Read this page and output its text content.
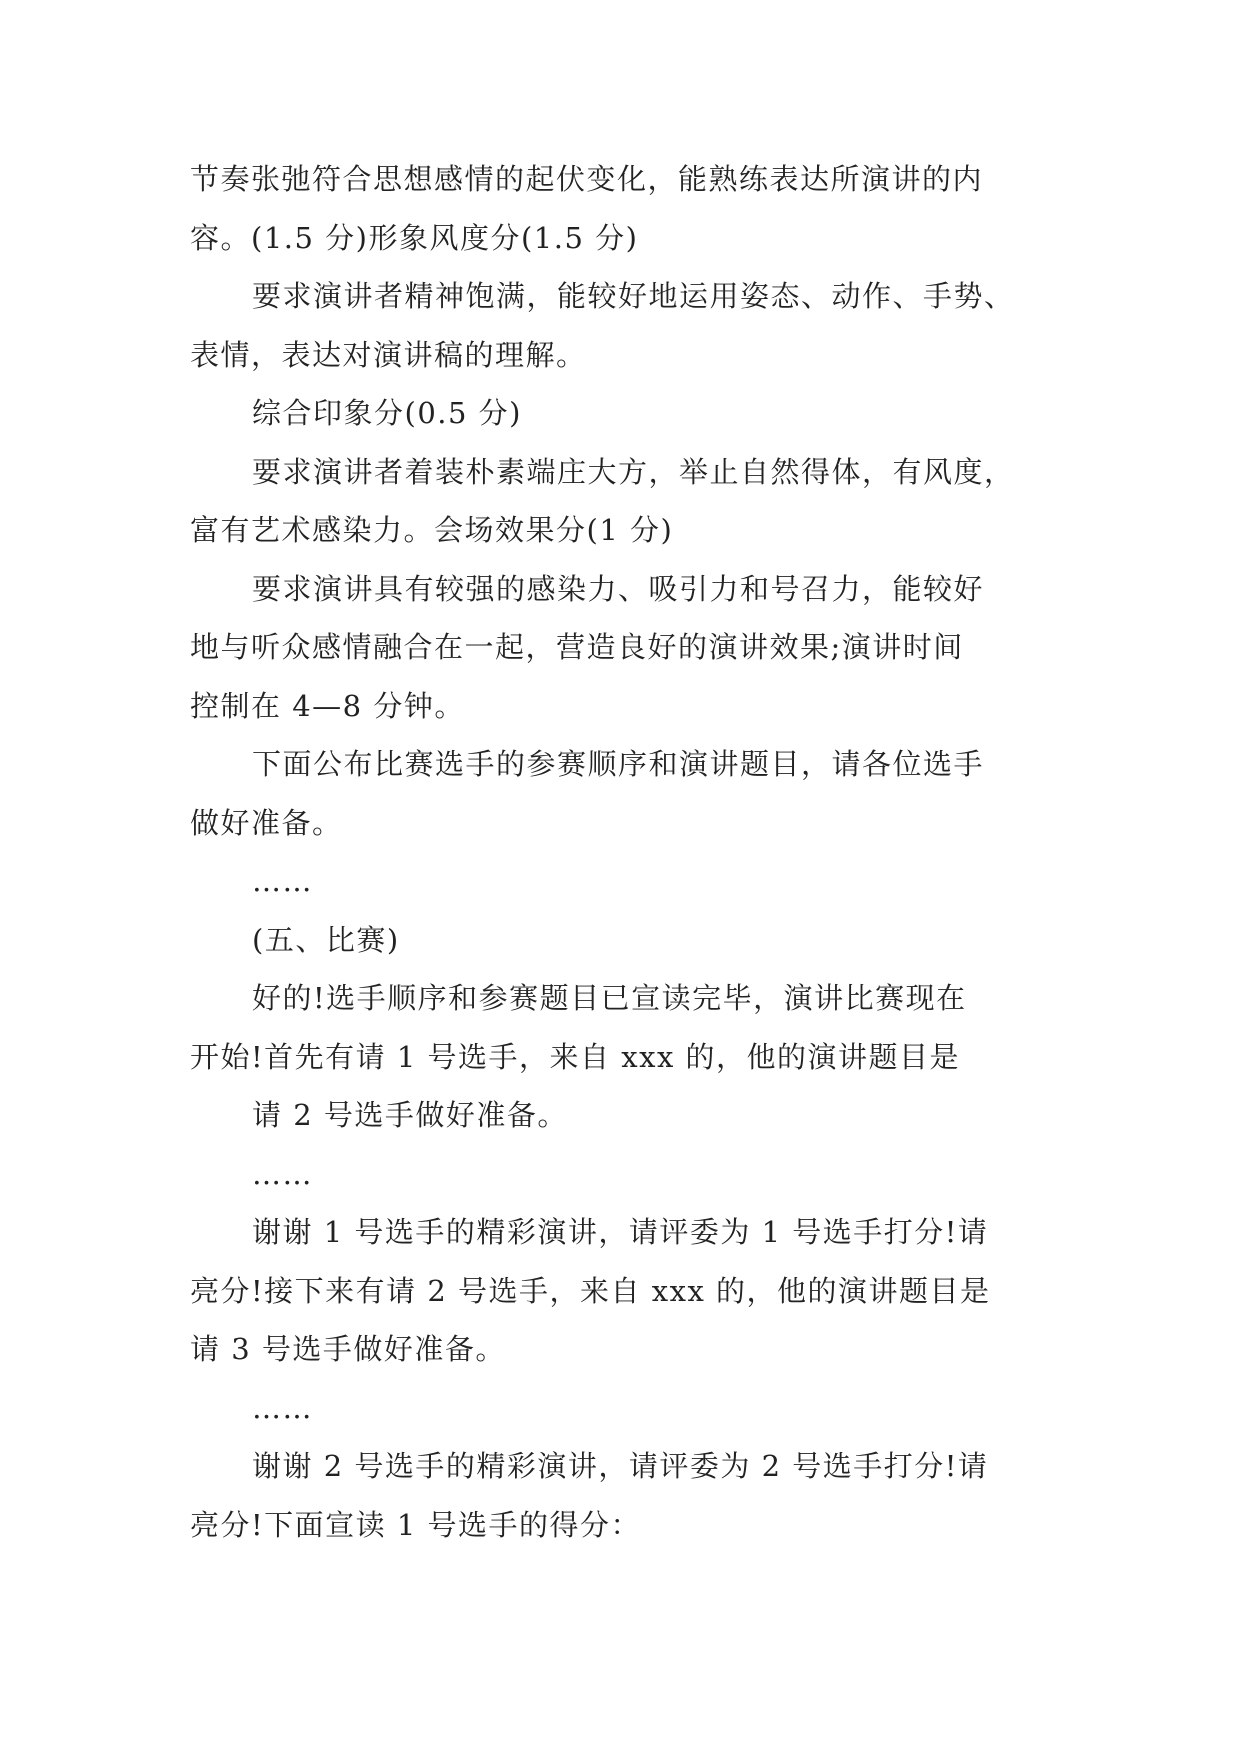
节奏张弛符合思想感情的起伏变化，能熟练表达所演讲的内
容。(1.5 分)形象风度分(1.5 分)

要求演讲者精神饱满，能较好地运用姿态、动作、手势、
表情，表达对演讲稿的理解。

综合印象分(0.5 分)

要求演讲者着装朴素端庄大方，举止自然得体，有风度，
富有艺术感染力。会场效果分(1 分)

要求演讲具有较强的感染力、吸引力和号召力，能较好
地与听众感情融合在一起，营造良好的演讲效果;演讲时间
控制在 4—8 分钟。

下面公布比赛选手的参赛顺序和演讲题目，请各位选手
做好准备。

……

(五、比赛)

好的!选手顺序和参赛题目已宣读完毕，演讲比赛现在
开始!首先有请 1 号选手，来自 xxx 的，他的演讲题目是

请 2 号选手做好准备。

……

谢谢 1 号选手的精彩演讲，请评委为 1 号选手打分!请
亮分!接下来有请 2 号选手，来自 xxx 的，他的演讲题目是
请 3 号选手做好准备。

……

谢谢 2 号选手的精彩演讲，请评委为 2 号选手打分!请
亮分!下面宣读 1 号选手的得分：
